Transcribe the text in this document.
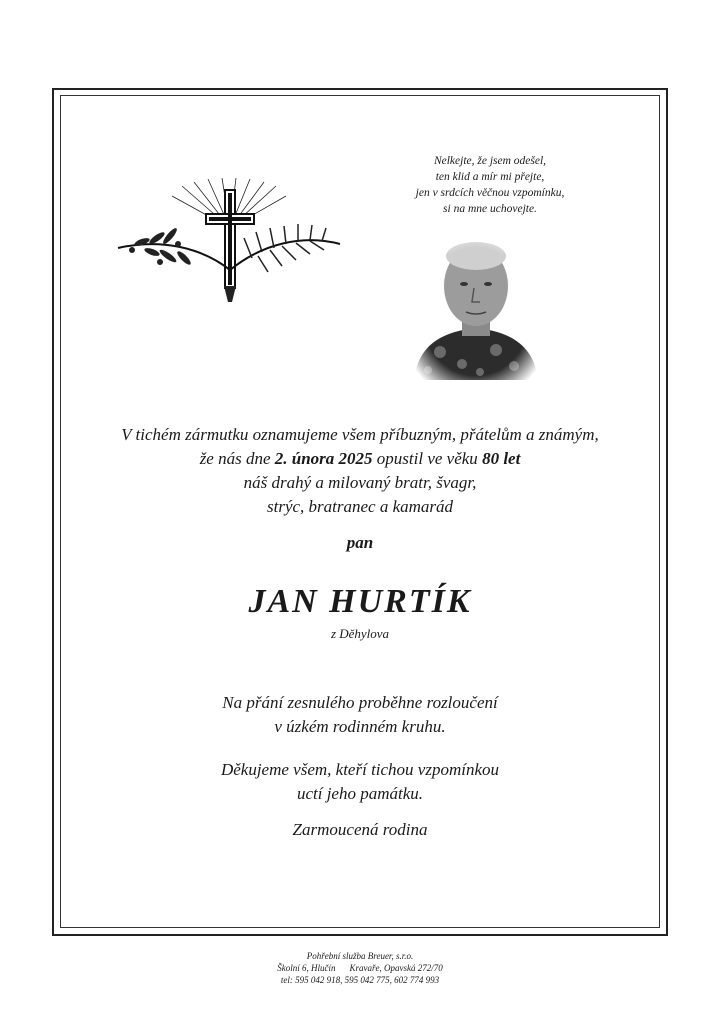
Nelkejte, že jsem odešel,
ten klid a mír mi přejte,
jen v srdcích věčnou vzpomínku,
si na mne uchovejte.
V tichém zármutku oznamujeme všem příbuzným, přátelům a známým,
že nás dne 2. února 2025 opustil ve věku 80 let
náš drahý a milovaný bratr, švagr,
strýc, bratranec a kamarád
pan
JAN HURTÍK
z Děhylova
Na přání zesnulého proběhne rozloučení
v úzkém rodinném kruhu.
Děkujeme všem, kteří tichou vzpomínkou
uctí jeho památku.
Zarmoucená rodina
Pohřební služba Breuer, s.r.o.
Školní 6, Hlučín Kravaře, Opavská 272/70
tel: 595 042 918, 595 042 775, 602 774 993
